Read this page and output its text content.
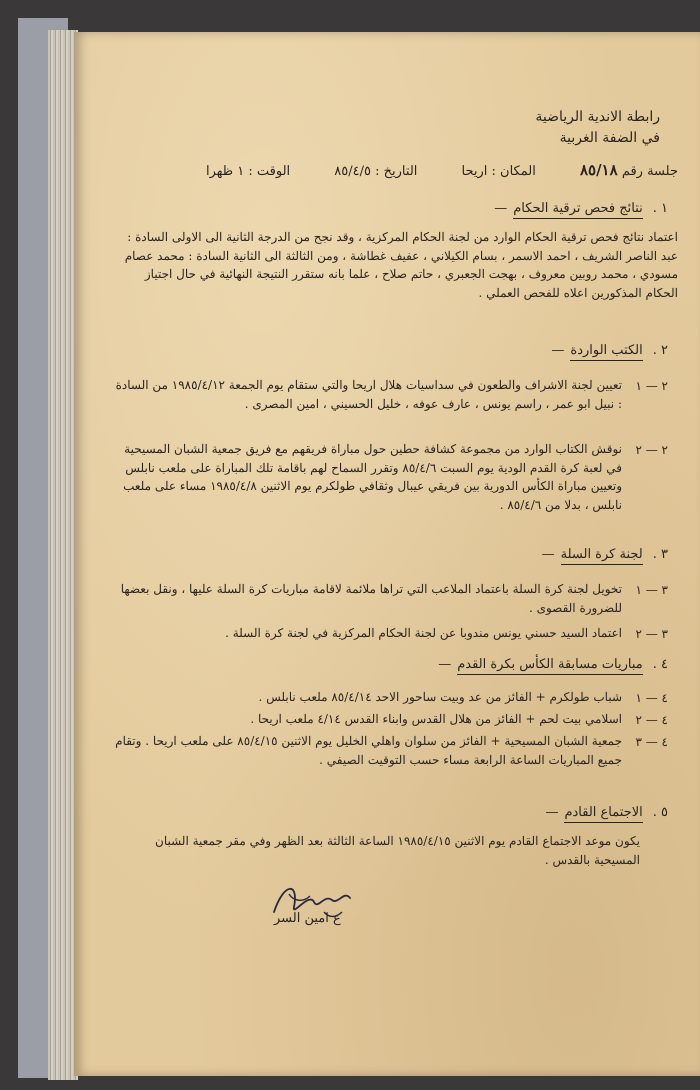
رابطة الاندية الرياضية
في الضفة الغربية
جلسة رقم ٨٥/١٨ المكان : اريحا التاريخ : ٨٥/٤/٥ الوقت : ١ ظهرا
١ .نتائج فحص ترقية الحكام—
اعتماد نتائج فحص ترقية الحكام الوارد من لجنة الحكام المركزية ، وقد نجح من الدرجة الثانية الى الاولى السادة : عبد الناصر الشريف ، احمد الاسمر ، بسام الكيلاني ، عفيف غطاشة ، ومن الثالثة الى الثانية السادة : محمد عصام مسودي ، محمد روبين معروف ، بهجت الجعبري ، حاتم صلاح ، علما بانه ستقرر النتيجة النهائية في حال اجتياز الحكام المذكورين اعلاه للفحص العملي .
٢ .الكتب الواردة—
٢ — ١
تعيين لجنة الاشراف والطعون في سداسيات هلال اريحا والتي ستقام يوم الجمعة ١٩٨٥/٤/١٢ من السادة : نبيل ابو عمر ، راسم يونس ، عارف عوفه ، خليل الحسيني ، امين المصرى .
٢ — ٢
نوقش الكتاب الوارد من مجموعة كشافة حطين حول مباراة فريقهم مع فريق جمعية الشبان المسيحية في لعبة كرة القدم الودية يوم السبت ٨٥/٤/٦ وتقرر السماح لهم باقامة تلك المباراة على ملعب نابلس وتعيين مباراة الكأس الدورية بين فريقي عيبال وثقافي طولكرم يوم الاثنين ١٩٨٥/٤/٨ مساء على ملعب نابلس ، بدلا من ٨٥/٤/٦ .
٣ .لجنة كرة السلة—
٣ — ١
تخويل لجنة كرة السلة باعتماد الملاعب التي تراها ملائمة لاقامة مباريات كرة السلة عليها ، ونقل بعضها للضرورة القصوى .
٣ — ٢
اعتماد السيد حسني يونس مندوبا عن لجنة الحكام المركزية في لجنة كرة السلة .
٤ .مباريات مسابقة الكأس بكرة القدم—
٤ — ١
شباب طولكرم + الفائز من عد وبيت ساحور الاحد ٨٥/٤/١٤ ملعب نابلس .
٤ — ٢
اسلامي بيت لحم + الفائز من هلال القدس وابناء القدس ٤/١٤ ملعب اريحا .
٤ — ٣
جمعية الشبان المسيحية + الفائز من سلوان واهلي الخليل يوم الاثنين ٨٥/٤/١٥ على ملعب اريحا . وتقام جميع المباريات الساعة الرابعة مساء حسب التوقيت الصيفي .
٥ .الاجتماع القادم—
يكون موعد الاجتماع القادم يوم الاثنين ١٩٨٥/٤/١٥ الساعة الثالثة بعد الظهر وفي مقر جمعية الشبان المسيحية بالقدس .
ع امين السر
